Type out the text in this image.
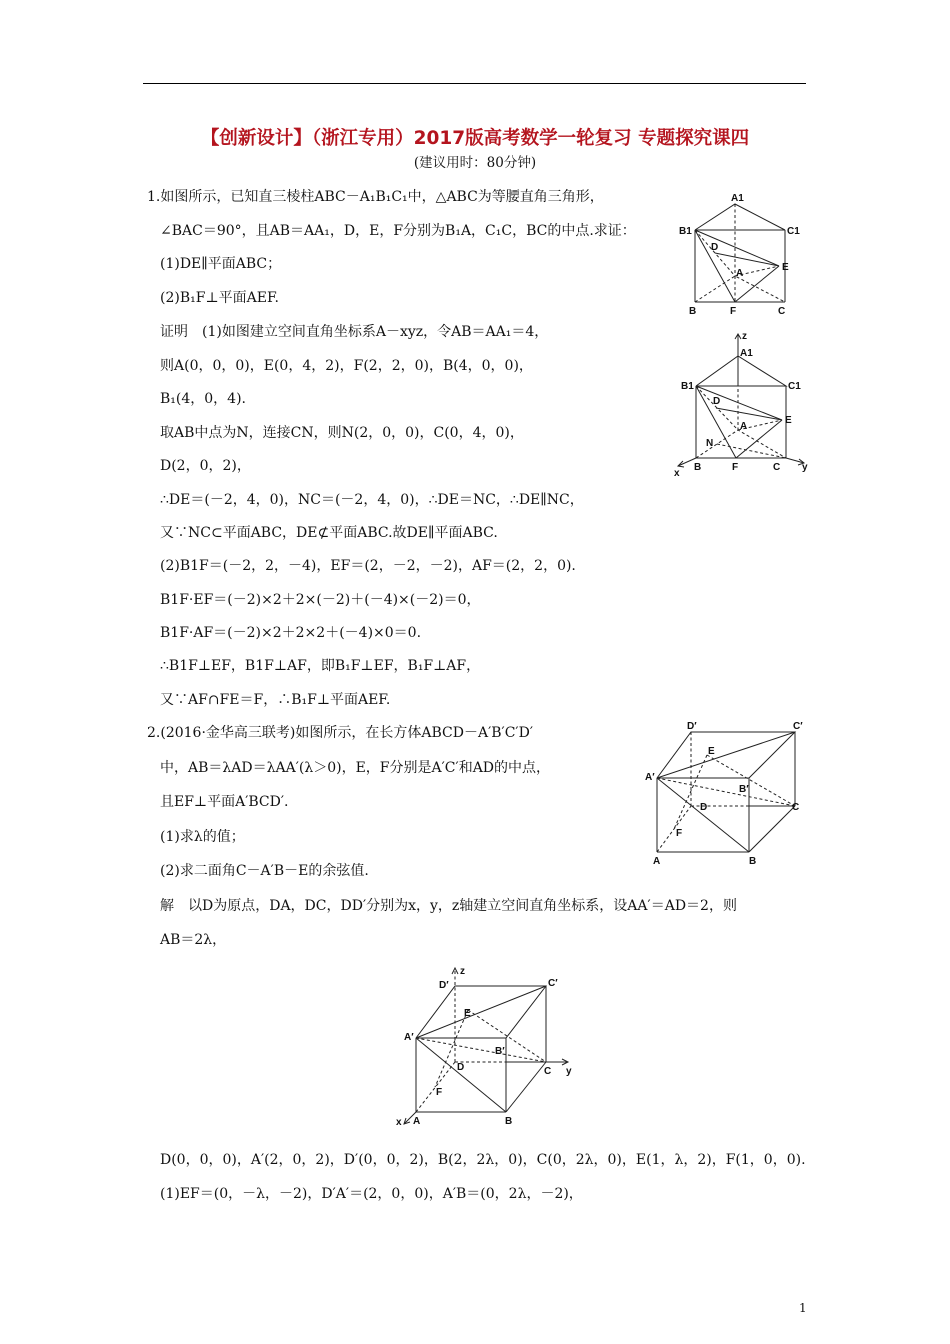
【创新设计】（浙江专用）2017版高考数学一轮复习 专题探究课四
(建议用时：80分钟)
1.如图所示，已知直三棱柱ABC－A₁B₁C₁中，△ABC为等腰直角三角形，
∠BAC＝90°，且AB＝AA₁，D，E，F分别为B₁A，C₁C，BC的中点.求证：
(1)DE∥平面ABC；
(2)B₁F⊥平面AEF.
证明　(1)如图建立空间直角坐标系A－xyz，令AB＝AA₁＝4，
则A(0，0，0)，E(0，4，2)，F(2，2，0)，B(4，0，0)，
B₁(4，0，4).
取AB中点为N，连接CN，则N(2，0，0)，C(0，4，0)，
D(2，0，2)，
∴DE＝(－2，4，0)，NC＝(－2，4，0)，∴DE＝NC，∴DE∥NC，
又∵NC⊂平面ABC，DE⊄平面ABC.故DE∥平面ABC.
(2)B1F＝(－2，2，－4)，EF＝(2，－2，－2)，AF＝(2，2，0).
B1F·EF＝(－2)×2＋2×(－2)＋(－4)×(－2)＝0，
B1F·AF＝(－2)×2＋2×2＋(－4)×0＝0.
∴B1F⊥EF，B1F⊥AF，即B₁F⊥EF，B₁F⊥AF，
又∵AF∩FE＝F，∴B₁F⊥平面AEF.
2.(2016·金华高三联考)如图所示，在长方体ABCD－A′B′C′D′
中，AB＝λAD＝λAA′(λ＞0)，E，F分别是A′C′和AD的中点，
且EF⊥平面A′BCD′.
(1)求λ的值；
(2)求二面角C－A′B－E的余弦值.
解　以D为原点，DA，DC，DD′分别为x，y，z轴建立空间直角坐标系，设AA′＝AD＝2，则
AB＝2λ，
D(0，0，0)，A′(2，0，2)，D′(0，0，2)，B(2，2λ，0)，C(0，2λ，0)，E(1，λ，2)，F(1，0，0).
(1)EF＝(0，－λ，－2)，D′A′＝(2，0，0)，A′B＝(0，2λ，－2)，
A1
B1	C1
D
E
A
B	F	C
z
A1
B1	C1
D
E
A
N
B	F	C
x
y
D′	C′
E
A′
B′
D	C
F
A	B
z
D′	C′
E
A′
B′
D	C y
F
x A	B
1
